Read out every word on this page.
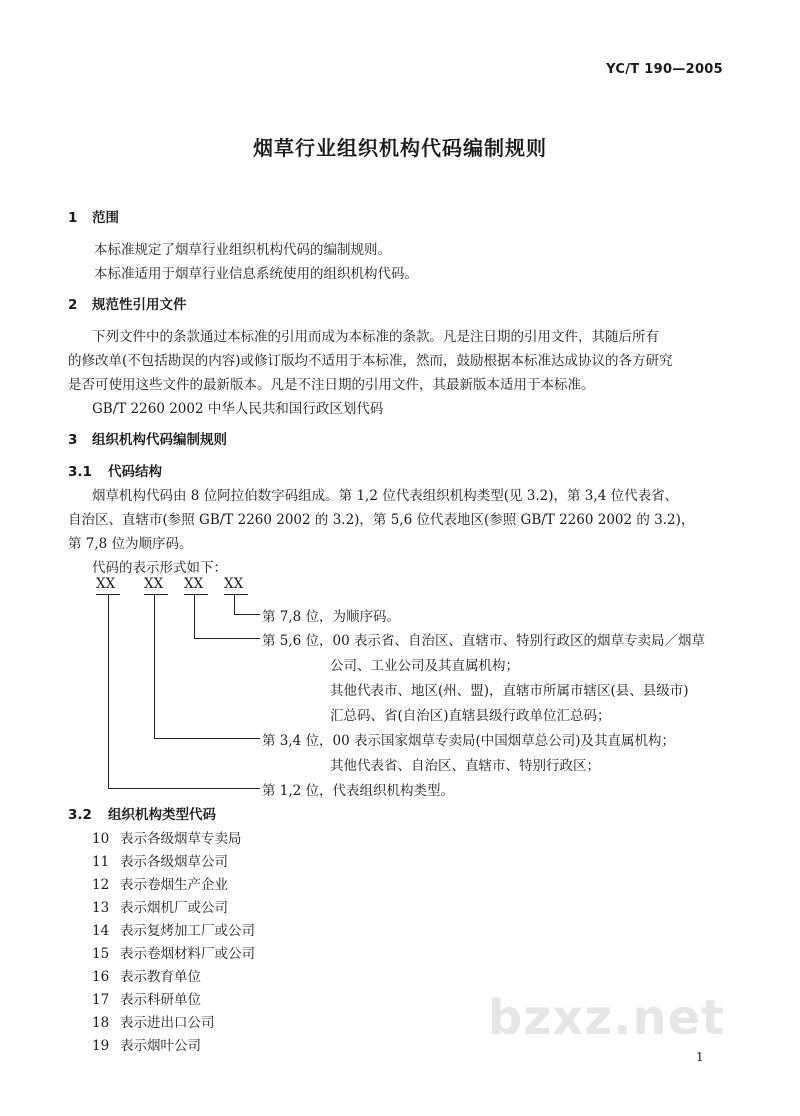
YC/T 190—2005
烟草行业组织机构代码编制规则
1 范围
本标准规定了烟草行业组织机构代码的编制规则。
本标准适用于烟草行业信息系统使用的组织机构代码。
2 规范性引用文件
下列文件中的条款通过本标准的引用而成为本标准的条款。凡是注日期的引用文件，其随后所有
的修改单(不包括勘误的内容)或修订版均不适用于本标准，然而，鼓励根据本标准达成协议的各方研究
是否可使用这些文件的最新版本。凡是不注日期的引用文件，其最新版本适用于本标准。
GB/T 2260 2002 中华人民共和国行政区划代码
3 组织机构代码编制规则
3.1 代码结构
烟草机构代码由 8 位阿拉伯数字码组成。第 1,2 位代表组织机构类型(见 3.2)，第 3,4 位代表省、
自治区、直辖市(参照 GB/T 2260 2002 的 3.2)，第 5,6 位代表地区(参照 GB/T 2260 2002 的 3.2)，
第 7,8 位为顺序码。
代码的表示形式如下：
XX XX XX XX
第 7,8 位，为顺序码。
第 5,6 位，00 表示省、自治区、直辖市、特别行政区的烟草专卖局／烟草
公司、工业公司及其直属机构；
其他代表市、地区(州、盟)，直辖市所属市辖区(县、县级市)
汇总码、省(自治区)直辖县级行政单位汇总码；
第 3,4 位，00 表示国家烟草专卖局(中国烟草总公司)及其直属机构；
其他代表省、自治区、直辖市、特别行政区；
第 1,2 位，代表组织机构类型。
3.2 组织机构类型代码
10 表示各级烟草专卖局
11 表示各级烟草公司
12 表示卷烟生产企业
13 表示烟机厂或公司
14 表示复烤加工厂或公司
15 表示卷烟材料厂或公司
16 表示教育单位
17 表示科研单位
18 表示进出口公司
19 表示烟叶公司	bzxz.net
1
